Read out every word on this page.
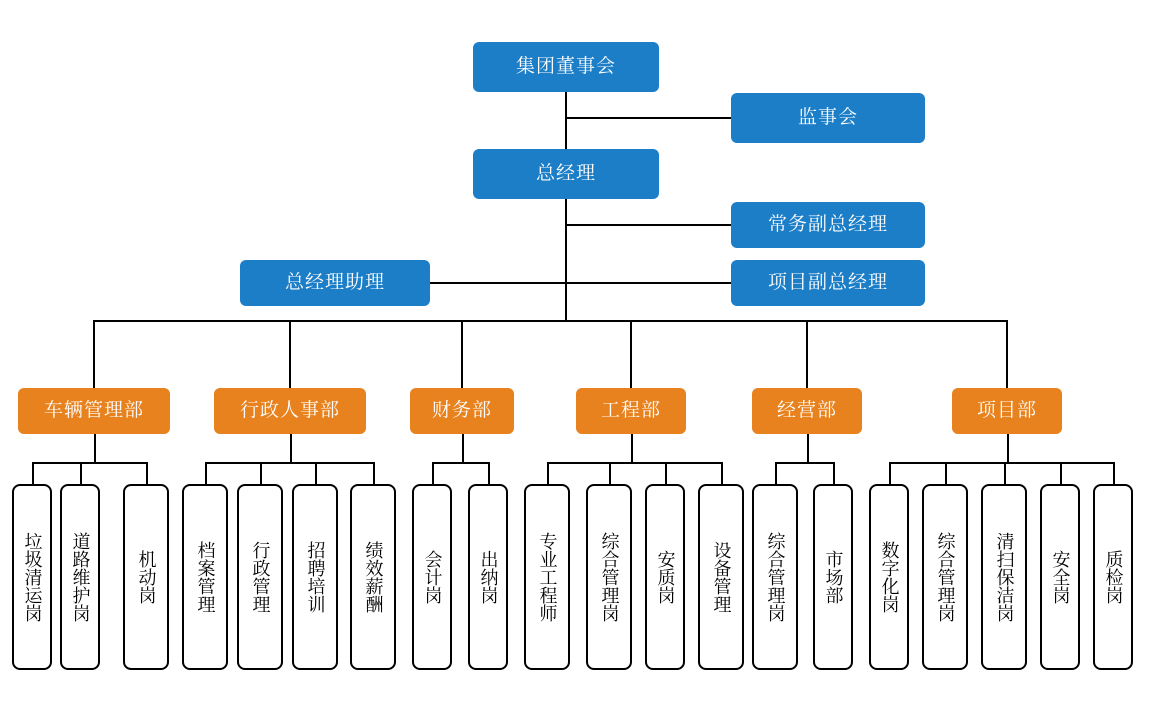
集团董事会
监事会
总经理
常务副总经理
项目副总经理
总经理助理
车辆管理部
垃圾清运岗	道路维护岗	机动岗
行政人事部
档案管理	行政管理	招聘培训	绩效薪酬
财务部
会计岗	出纳岗
工程部
专业工程师	综合管理岗	安质岗	设备管理
经营部
综合管理岗	市场部
项目部
数字化岗	综合管理岗	清扫保洁岗	安全岗	质检岗
